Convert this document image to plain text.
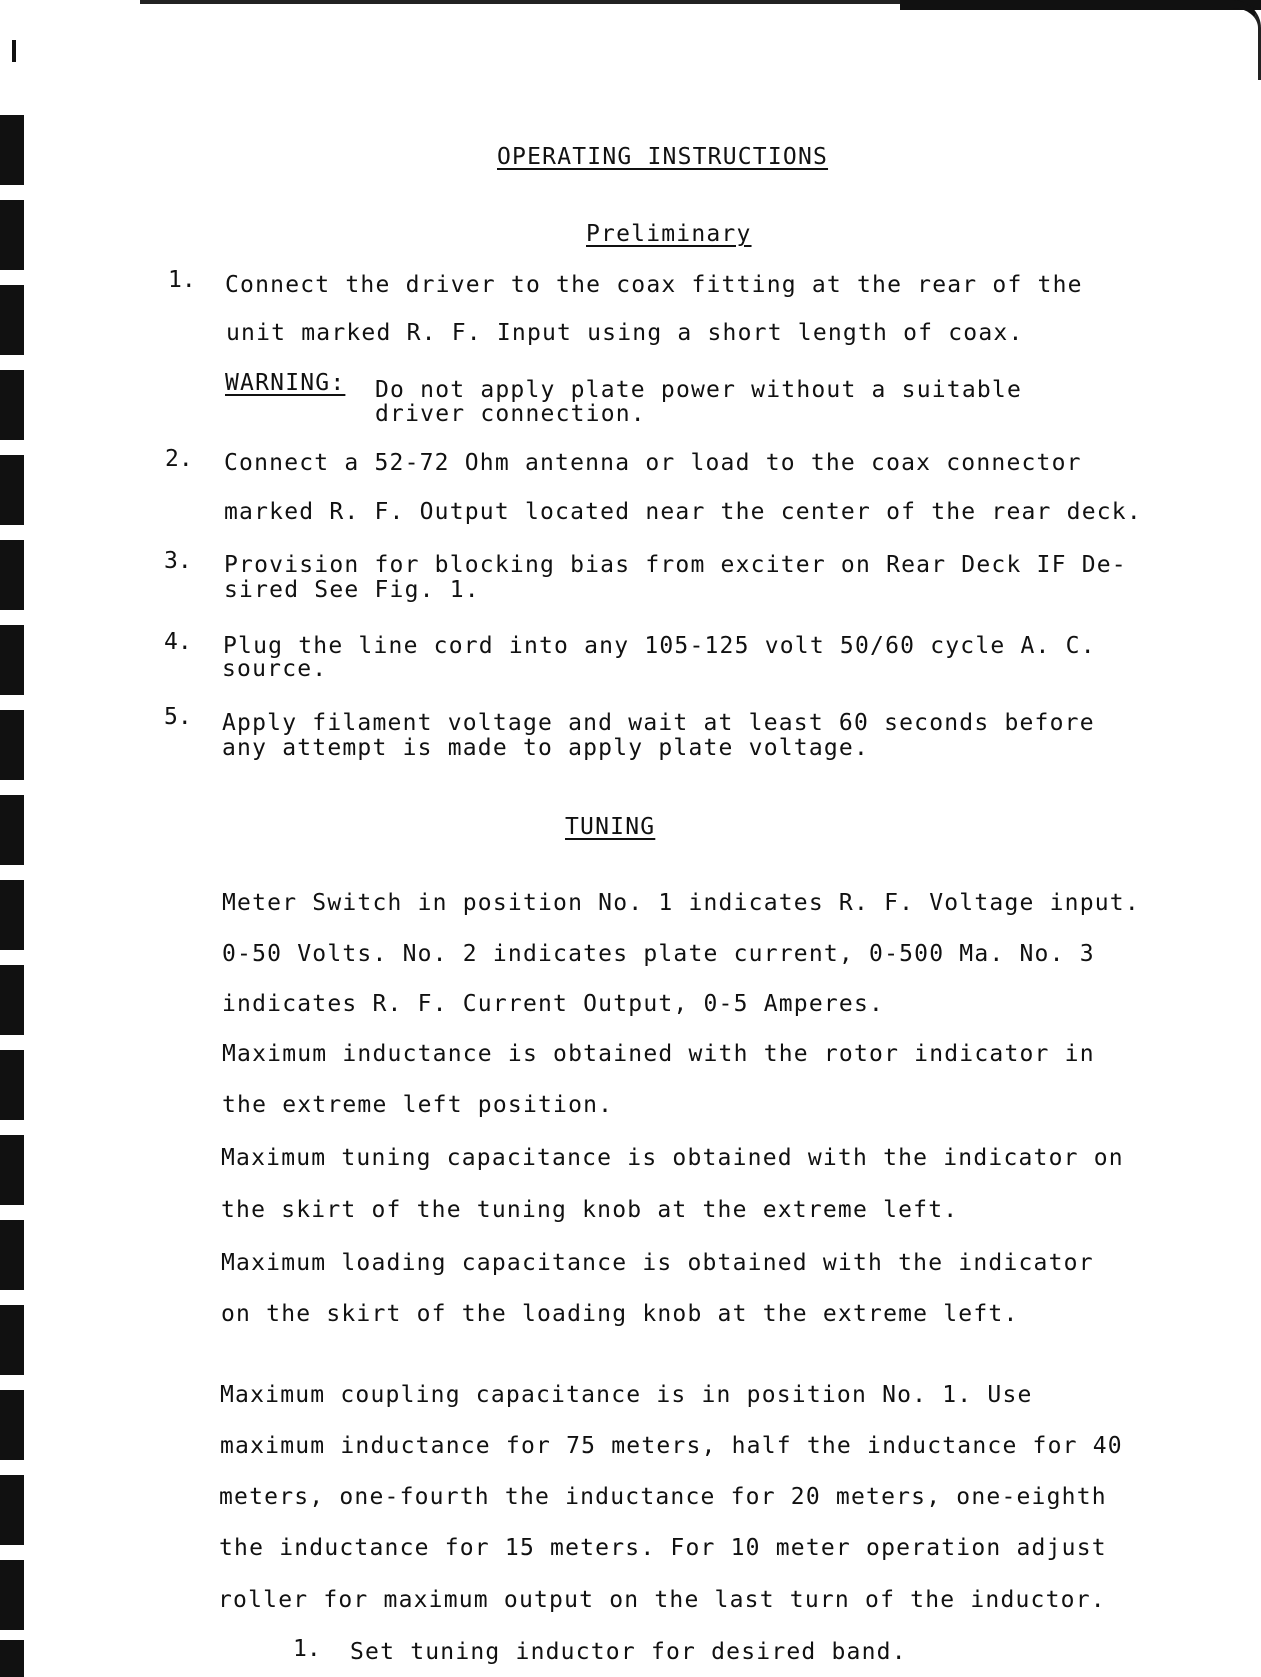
OPERATING INSTRUCTIONS
Preliminary
1. Connect the driver to the coax fitting at the rear of the
unit marked R. F. Input using a short length of coax.
WARNING: Do not apply plate power without a suitable
driver connection.
2. Connect a 52-72 Ohm antenna or load to the coax connector
marked R. F. Output located near the center of the rear deck.
3. Provision for blocking bias from exciter on Rear Deck IF De-
sired See Fig. 1.
4. Plug the line cord into any 105-125 volt 50/60 cycle A. C.
source.
5. Apply filament voltage and wait at least 60 seconds before
any attempt is made to apply plate voltage.
TUNING
Meter Switch in position No. 1 indicates R. F. Voltage input.
0-50 Volts. No. 2 indicates plate current, 0-500 Ma. No. 3
indicates R. F. Current Output, 0-5 Amperes.
Maximum inductance is obtained with the rotor indicator in
the extreme left position.
Maximum tuning capacitance is obtained with the indicator on
the skirt of the tuning knob at the extreme left.
Maximum loading capacitance is obtained with the indicator
on the skirt of the loading knob at the extreme left.
Maximum coupling capacitance is in position No. 1. Use
maximum inductance for 75 meters, half the inductance for 40
meters, one-fourth the inductance for 20 meters, one-eighth
the inductance for 15 meters. For 10 meter operation adjust
roller for maximum output on the last turn of the inductor.
1. Set tuning inductor for desired band.
